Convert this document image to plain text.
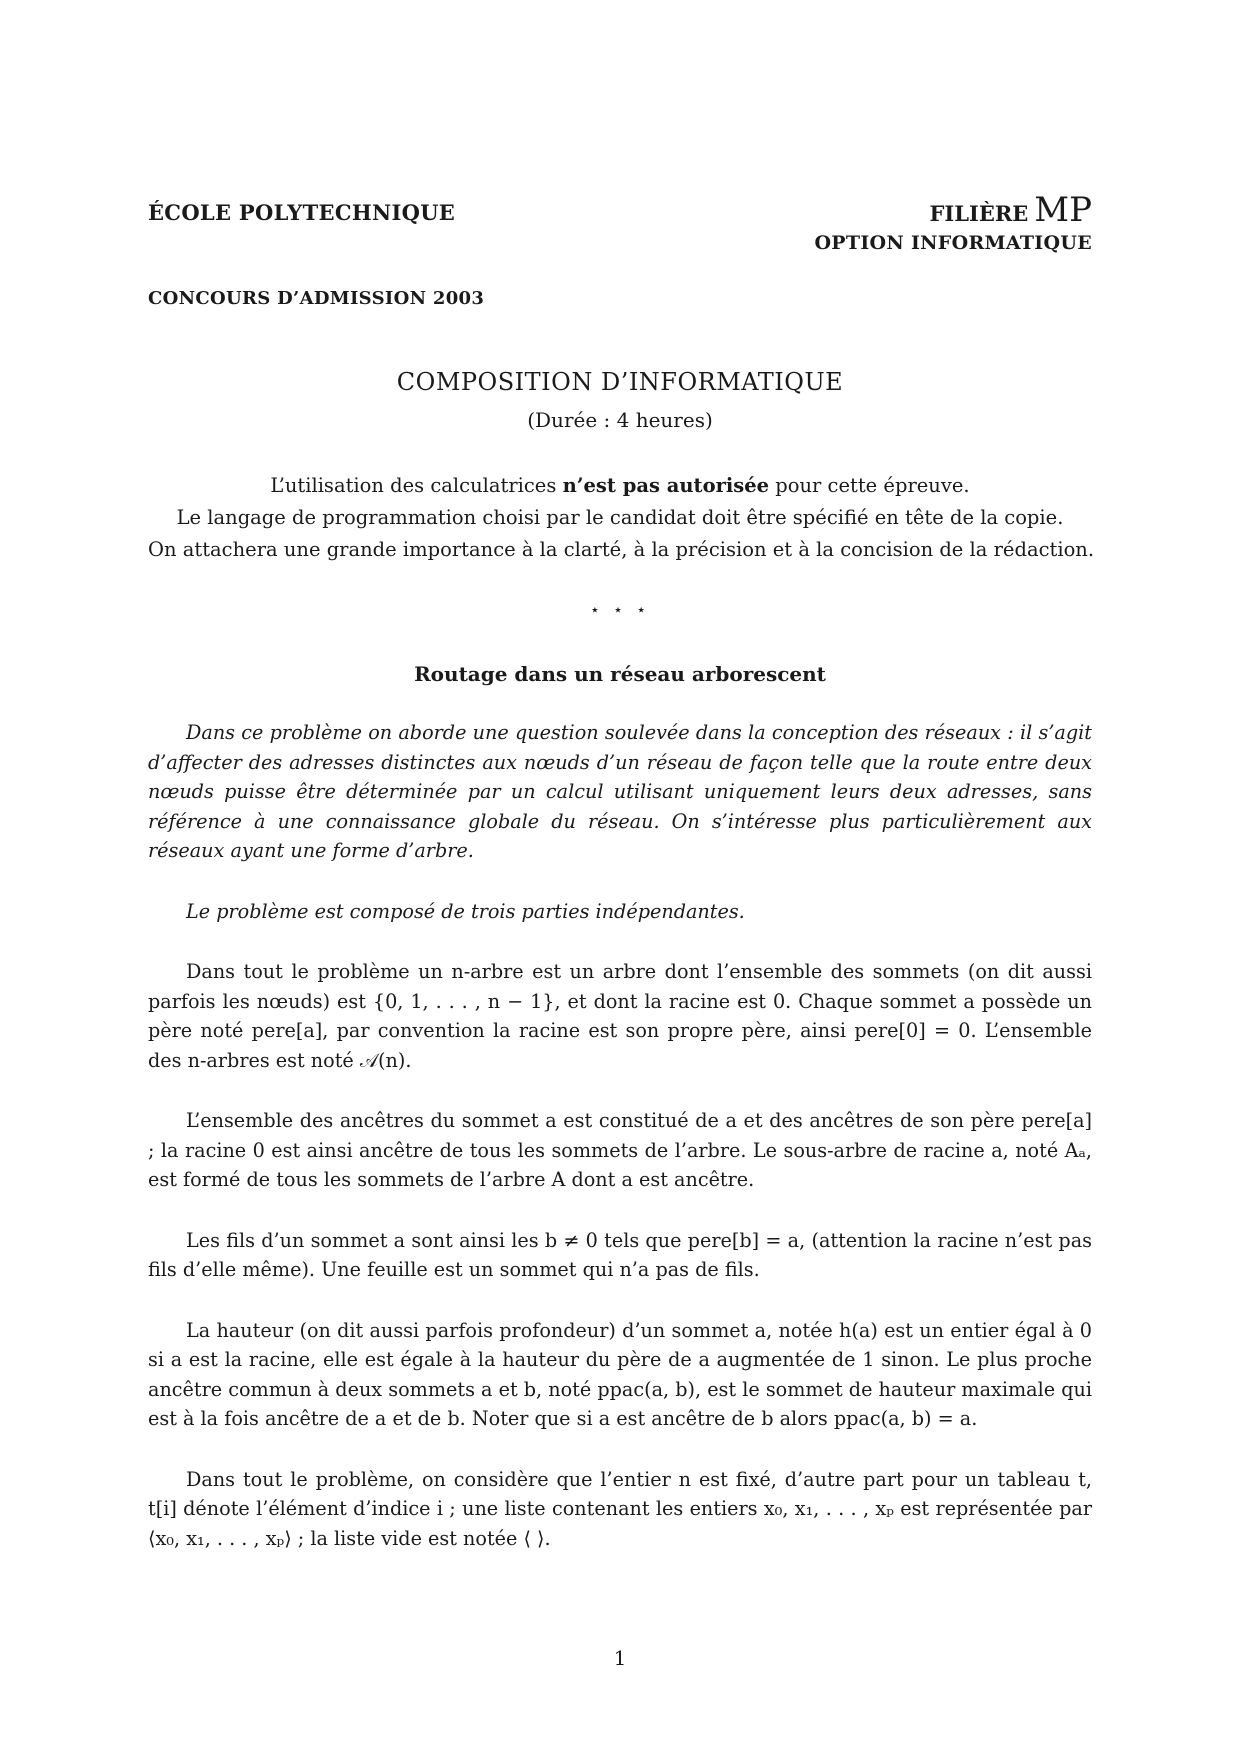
ÉCOLE POLYTECHNIQUE	FILIÈRE MP
OPTION INFORMATIQUE
CONCOURS D’ADMISSION 2003
COMPOSITION D’INFORMATIQUE
(Durée : 4 heures)
L’utilisation des calculatrices n’est pas autorisée pour cette épreuve.
Le langage de programmation choisi par le candidat doit être spécifié en tête de la copie.
On attachera une grande importance à la clarté, à la précision et à la concision de la rédaction.
⋆ ⋆ ⋆
Routage dans un réseau arborescent

Dans ce problème on aborde une question soulevée dans la conception des réseaux : il s’agit d’affecter des adresses distinctes aux nœuds d’un réseau de façon telle que la route entre deux nœuds puisse être déterminée par un calcul utilisant uniquement leurs deux adresses, sans référence à une connaissance globale du réseau. On s’intéresse plus particulièrement aux réseaux ayant une forme d’arbre.

Le problème est composé de trois parties indépendantes.

Dans tout le problème un n-arbre est un arbre dont l’ensemble des sommets (on dit aussi parfois les nœuds) est {0, 1, . . . , n − 1}, et dont la racine est 0. Chaque sommet a possède un père noté pere[a], par convention la racine est son propre père, ainsi pere[0] = 0. L’ensemble des n-arbres est noté 𝒜(n).

L’ensemble des ancêtres du sommet a est constitué de a et des ancêtres de son père pere[a] ; la racine 0 est ainsi ancêtre de tous les sommets de l’arbre. Le sous-arbre de racine a, noté Aₐ, est formé de tous les sommets de l’arbre A dont a est ancêtre.

Les fils d’un sommet a sont ainsi les b ≠ 0 tels que pere[b] = a, (attention la racine n’est pas fils d’elle même). Une feuille est un sommet qui n’a pas de fils.

La hauteur (on dit aussi parfois profondeur) d’un sommet a, notée h(a) est un entier égal à 0 si a est la racine, elle est égale à la hauteur du père de a augmentée de 1 sinon. Le plus proche ancêtre commun à deux sommets a et b, noté ppac(a, b), est le sommet de hauteur maximale qui est à la fois ancêtre de a et de b. Noter que si a est ancêtre de b alors ppac(a, b) = a.

Dans tout le problème, on considère que l’entier n est fixé, d’autre part pour un tableau t, t[i] dénote l’élément d’indice i ; une liste contenant les entiers x₀, x₁, . . . , xₚ est représentée par ⟨x₀, x₁, . . . , xₚ⟩ ; la liste vide est notée ⟨ ⟩.

1
